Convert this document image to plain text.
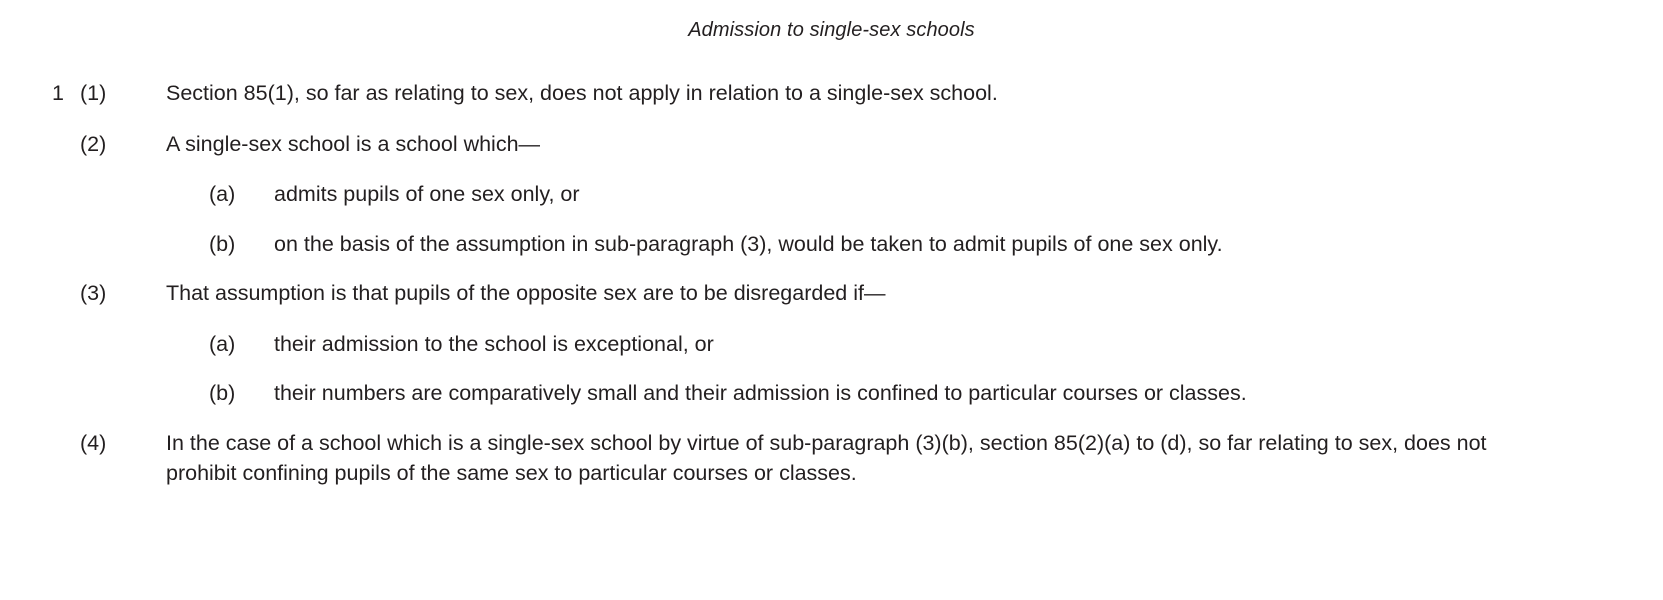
Admission to single-sex schools
1 (1)	Section 85(1), so far as relating to sex, does not apply in relation to a single-sex school.
(2)	A single-sex school is a school which—
(a)	admits pupils of one sex only, or
(b)	on the basis of the assumption in sub-paragraph (3), would be taken to admit pupils of one sex only.
(3)	That assumption is that pupils of the opposite sex are to be disregarded if—
(a)	their admission to the school is exceptional, or
(b)	their numbers are comparatively small and their admission is confined to particular courses or classes.
(4)	In the case of a school which is a single-sex school by virtue of sub-paragraph (3)(b), section 85(2)(a) to (d), so far relating to sex, does not prohibit confining pupils of the same sex to particular courses or classes.
